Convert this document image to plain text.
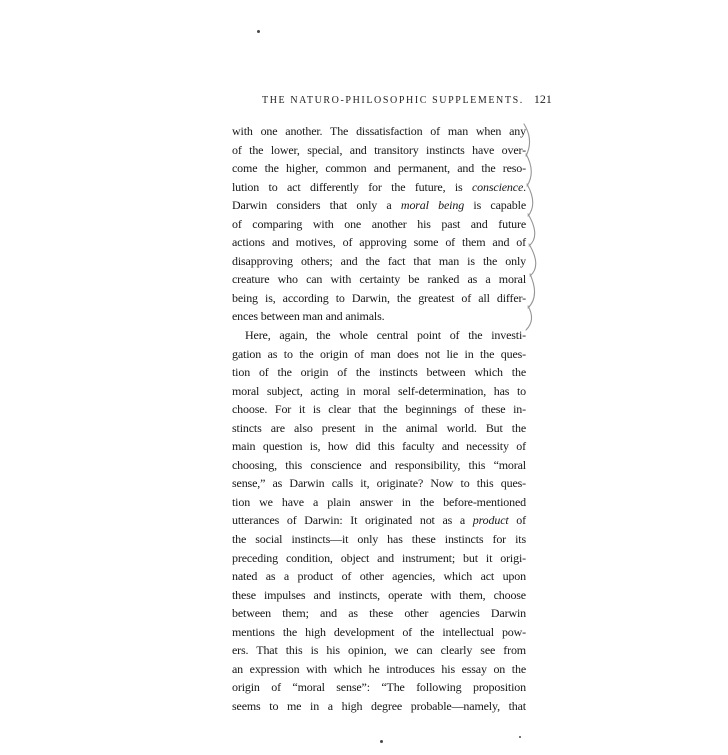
THE NATURO-PHILOSOPHIC SUPPLEMENTS. 121
with one another. The dissatisfaction of man when any
of the lower, special, and transitory instincts have over-
come the higher, common and permanent, and the reso-
lution to act differently for the future, is conscience.
Darwin considers that only a moral being is capable
of comparing with one another his past and future
actions and motives, of approving some of them and of
disapproving others; and the fact that man is the only
creature who can with certainty be ranked as a moral
being is, according to Darwin, the greatest of all differ-
ences between man and animals.
Here, again, the whole central point of the investi-
gation as to the origin of man does not lie in the ques-
tion of the origin of the instincts between which the
moral subject, acting in moral self-determination, has to
choose. For it is clear that the beginnings of these in-
stincts are also present in the animal world. But the
main question is, how did this faculty and necessity of
choosing, this conscience and responsibility, this “moral
sense,” as Darwin calls it, originate? Now to this ques-
tion we have a plain answer in the before-mentioned
utterances of Darwin: It originated not as a product of
the social instincts—it only has these instincts for its
preceding condition, object and instrument; but it origi-
nated as a product of other agencies, which act upon
these impulses and instincts, operate with them, choose
between them; and as these other agencies Darwin
mentions the high development of the intellectual pow-
ers. That this is his opinion, we can clearly see from
an expression with which he introduces his essay on the
origin of “moral sense”: “The following proposition
seems to me in a high degree probable—namely, that
